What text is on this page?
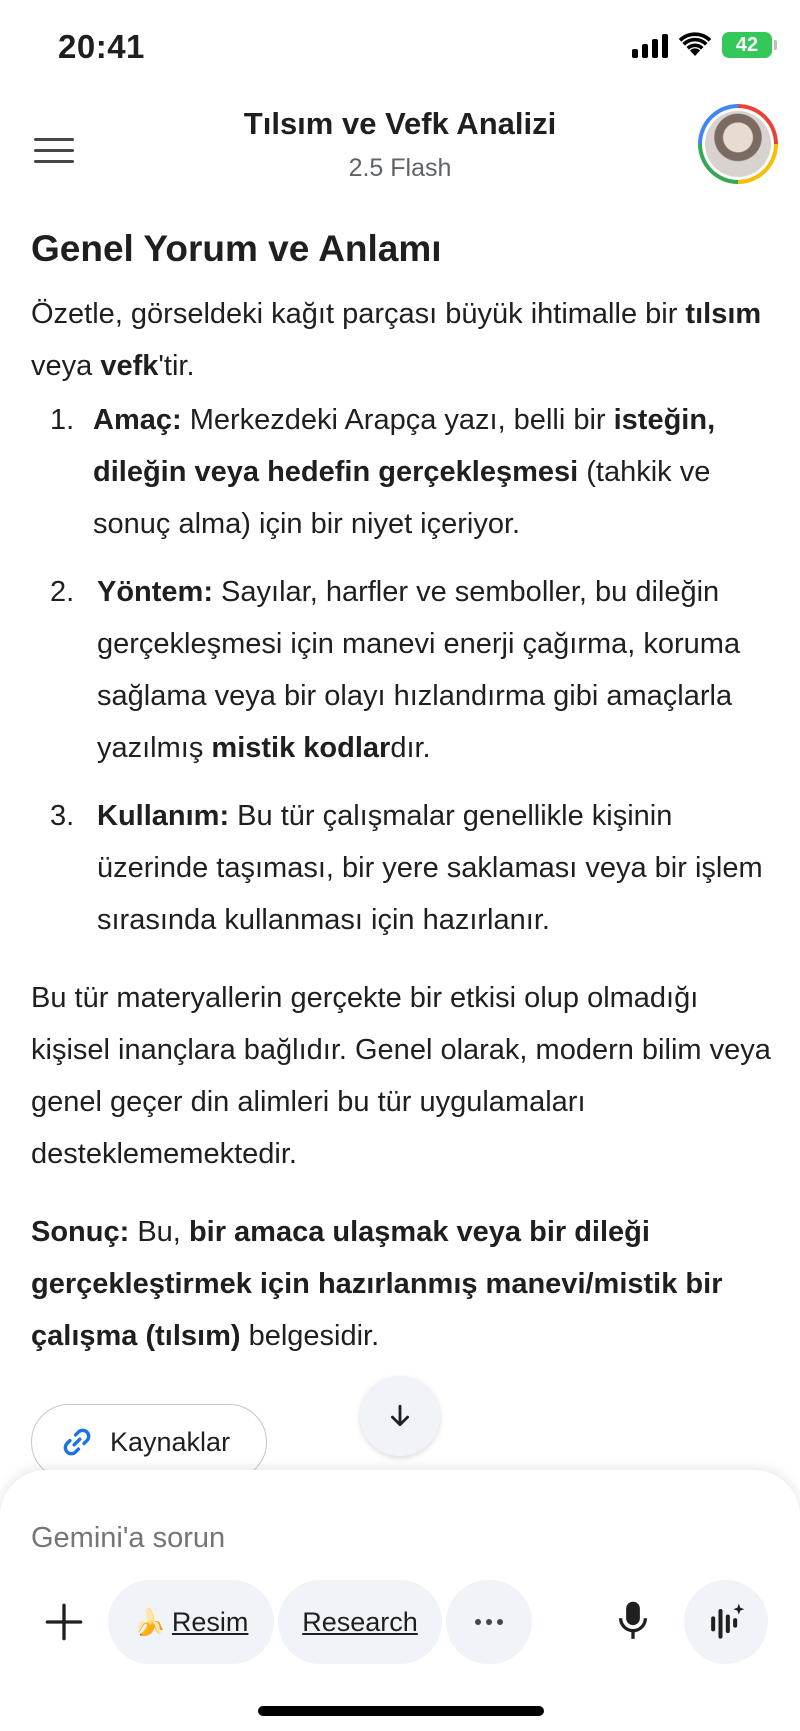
20:41	42
Tılsım ve Vefk Analizi
2.5 Flash
Genel Yorum ve Anlamı

Özetle, görseldeki kağıt parçası büyük ihtimalle bir tılsım veya vefk'tir.

1. Amaç: Merkezdeki Arapça yazı, belli bir isteğin, dileğin veya hedefin gerçekleşmesi (tahkik ve sonuç alma) için bir niyet içeriyor.
2. Yöntem: Sayılar, harfler ve semboller, bu dileğin gerçekleşmesi için manevi enerji çağırma, koruma sağlama veya bir olayı hızlandırma gibi amaçlarla yazılmış mistik kodlardır.
3. Kullanım: Bu tür çalışmalar genellikle kişinin üzerinde taşıması, bir yere saklaması veya bir işlem sırasında kullanması için hazırlanır.

Bu tür materyallerin gerçekte bir etkisi olup olmadığı kişisel inançlara bağlıdır. Genel olarak, modern bilim veya genel geçer din alimleri bu tür uygulamaları desteklememektedir.

Sonuç: Bu, bir amaca ulaşmak veya bir dileği gerçekleştirmek için hazırlanmış manevi/mistik bir çalışma (tılsım) belgesidir.

Kaynaklar
Gemini'a sorun
🍌 Resim Research
